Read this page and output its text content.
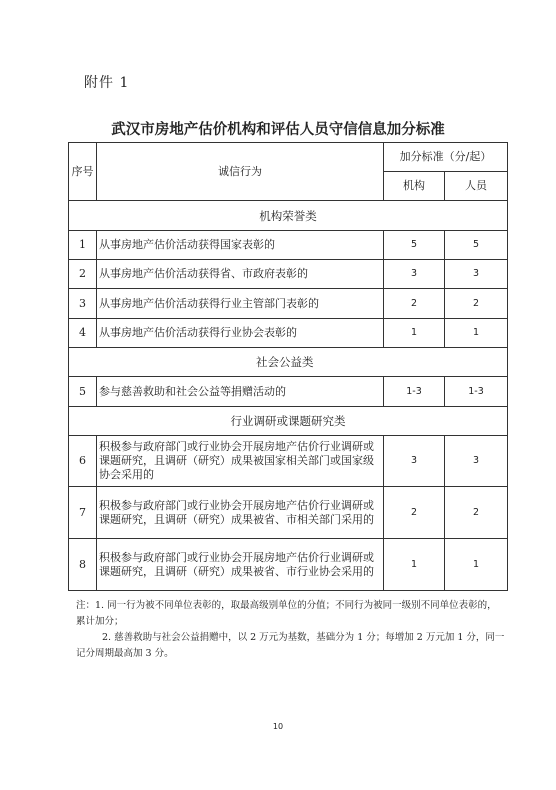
附件 1
武汉市房地产估价机构和评估人员守信信息加分标准
序号	诚信行为	加分标准（分/起）	
		机构	人员
机构荣誉类			
1	从事房地产估价活动获得国家表彰的	5	5
2	从事房地产估价活动获得省、市政府表彰的	3	3
3	从事房地产估价活动获得行业主管部门表彰的	2	2
4	从事房地产估价活动获得行业协会表彰的	1	1
社会公益类			
5	参与慈善救助和社会公益等捐赠活动的	1-3	1-3
行业调研或课题研究类			
6	积极参与政府部门或行业协会开展房地产估价行业调研或课题研究，且调研（研究）成果被国家相关部门或国家级协会采用的	3	3
7	积极参与政府部门或行业协会开展房地产估价行业调研或课题研究，且调研（研究）成果被省、市相关部门采用的	2	2
8	积极参与政府部门或行业协会开展房地产估价行业调研或课题研究，且调研（研究）成果被省、市行业协会采用的	1	1
注：1. 同一行为被不同单位表彰的，取最高级别单位的分值；不同行为被同一级别不同单位表彰的，累计加分；
2. 慈善救助与社会公益捐赠中，以 2 万元为基数，基础分为 1 分；每增加 2 万元加 1 分，同一记分周期最高加 3 分。
10
